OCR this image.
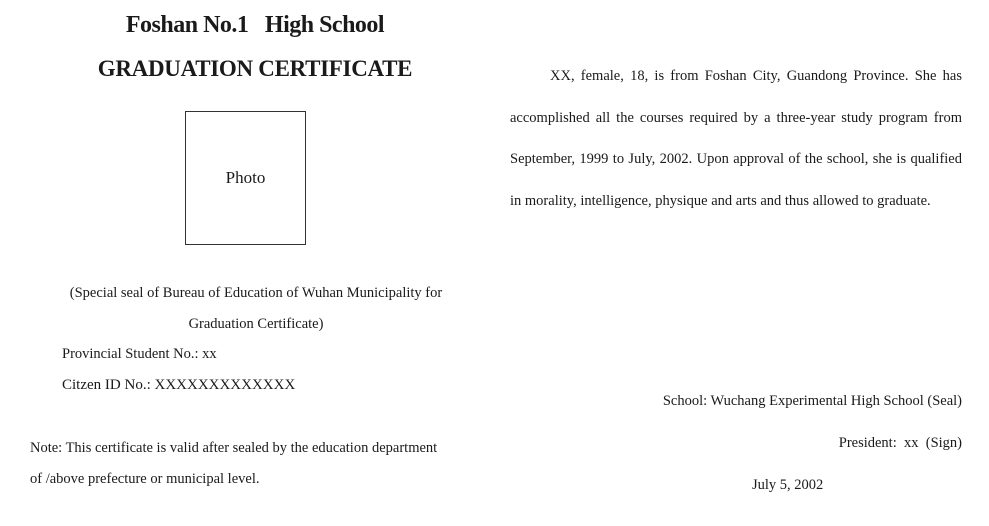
Foshan No.1   High School
GRADUATION CERTIFICATE
Photo
(Special seal of Bureau of Education of Wuhan Municipality for
Graduation Certificate)
Provincial Student No.: xx
Citzen ID No.: XXXXXXXXXXXXX
Note: This certificate is valid after sealed by the education department
of /above prefecture or municipal level.
XX, female, 18, is from Foshan City, Guandong Province. She has accomplished all the courses required by a three-year study program from September, 1999 to July, 2002. Upon approval of the school, she is qualified in morality, intelligence, physique and arts and thus allowed to graduate.
School: Wuchang Experimental High School (Seal)
President:  xx  (Sign)
July 5, 2002
